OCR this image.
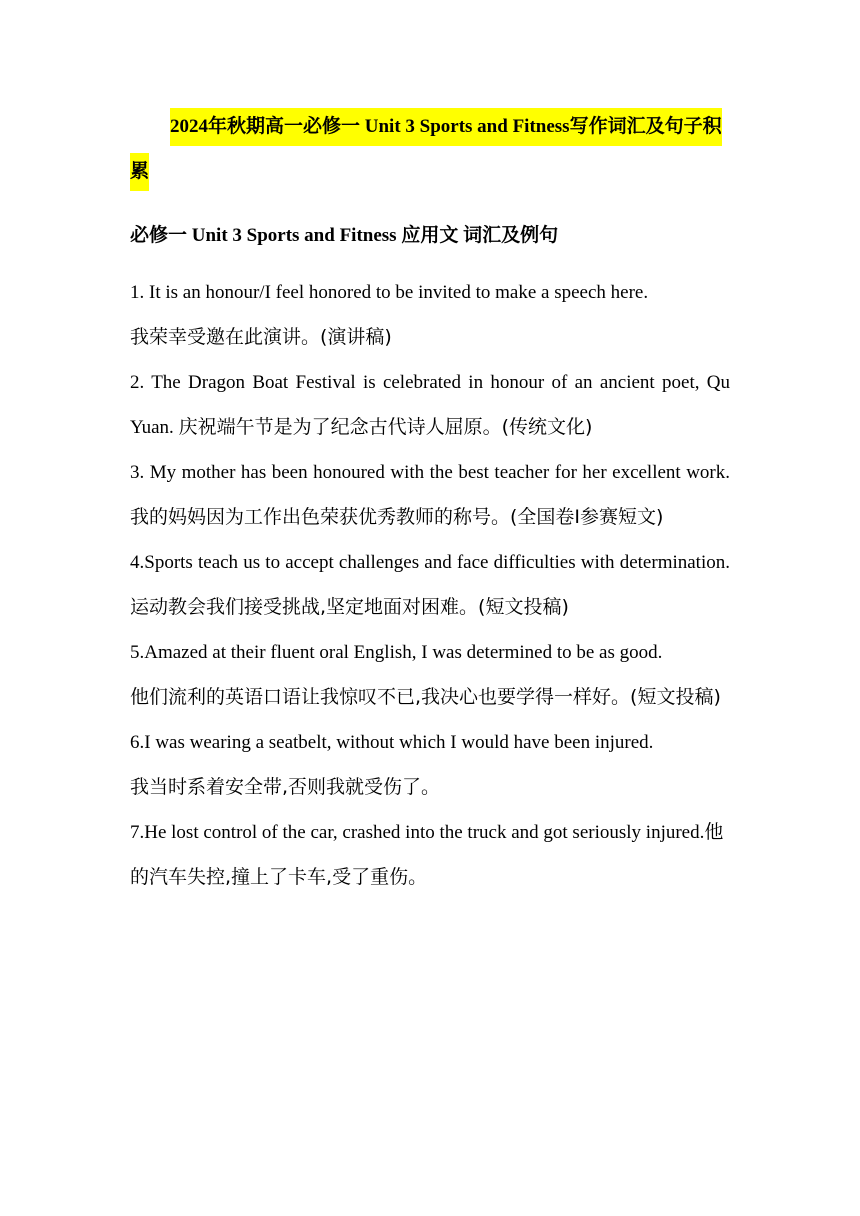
2024年秋期高一必修一 Unit 3 Sports and Fitness写作词汇及句子积累

必修一 Unit 3 Sports and Fitness 应用文 词汇及例句

1. It is an honour/I feel honored to be invited to make a speech here.
我荣幸受邀在此演讲。(演讲稿)

2. The Dragon Boat Festival is celebrated in honour of an ancient poet, Qu Yuan. 庆祝端午节是为了纪念古代诗人屈原。(传统文化)

3. My mother has been honoured with the best teacher for her excellent work.我的妈妈因为工作出色荣获优秀教师的称号。(全国卷Ⅰ参赛短文)

4.Sports teach us to accept challenges and face difficulties with determination. 运动教会我们接受挑战,坚定地面对困难。(短文投稿)

5.Amazed at their fluent oral English, I was determined to be as good.
他们流利的英语口语让我惊叹不已,我决心也要学得一样好。(短文投稿)

6.I was wearing a seatbelt, without which I would have been injured.
我当时系着安全带,否则我就受伤了。

7.He lost control of the car, crashed into the truck and got seriously injured.他的汽车失控,撞上了卡车,受了重伤。
